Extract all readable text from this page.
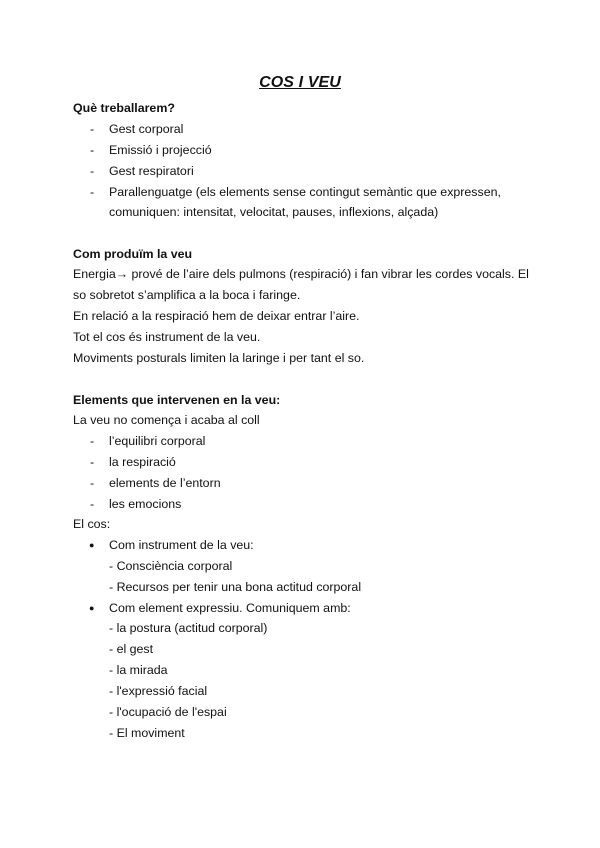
COS I VEU
Què treballarem?
- Gest corporal
- Emissió i projecció
- Gest respiratori
- Parallenguatge (els elements sense contingut semàntic que expressen,
comuniquen: intensitat, velocitat, pauses, inflexions, alçada)
Com produïm la veu
Energia→ prové de l’aire dels pulmons (respiració) i fan vibrar les cordes vocals. El
so sobretot s’amplifica a la boca i faringe.
En relació a la respiració hem de deixar entrar l’aire.
Tot el cos és instrument de la veu.
Moviments posturals limiten la laringe i per tant el so.
Elements que intervenen en la veu:
La veu no comença i acaba al coll
- l’equilibri corporal
- la respiració
- elements de l’entorn
- les emocions
El cos:
● Com instrument de la veu:
- Consciència corporal
- Recursos per tenir una bona actitud corporal
● Com element expressiu. Comuniquem amb:
- la postura (actitud corporal)
- el gest
- la mirada
- l'expressió facial
- l'ocupació de l'espai
- El moviment
